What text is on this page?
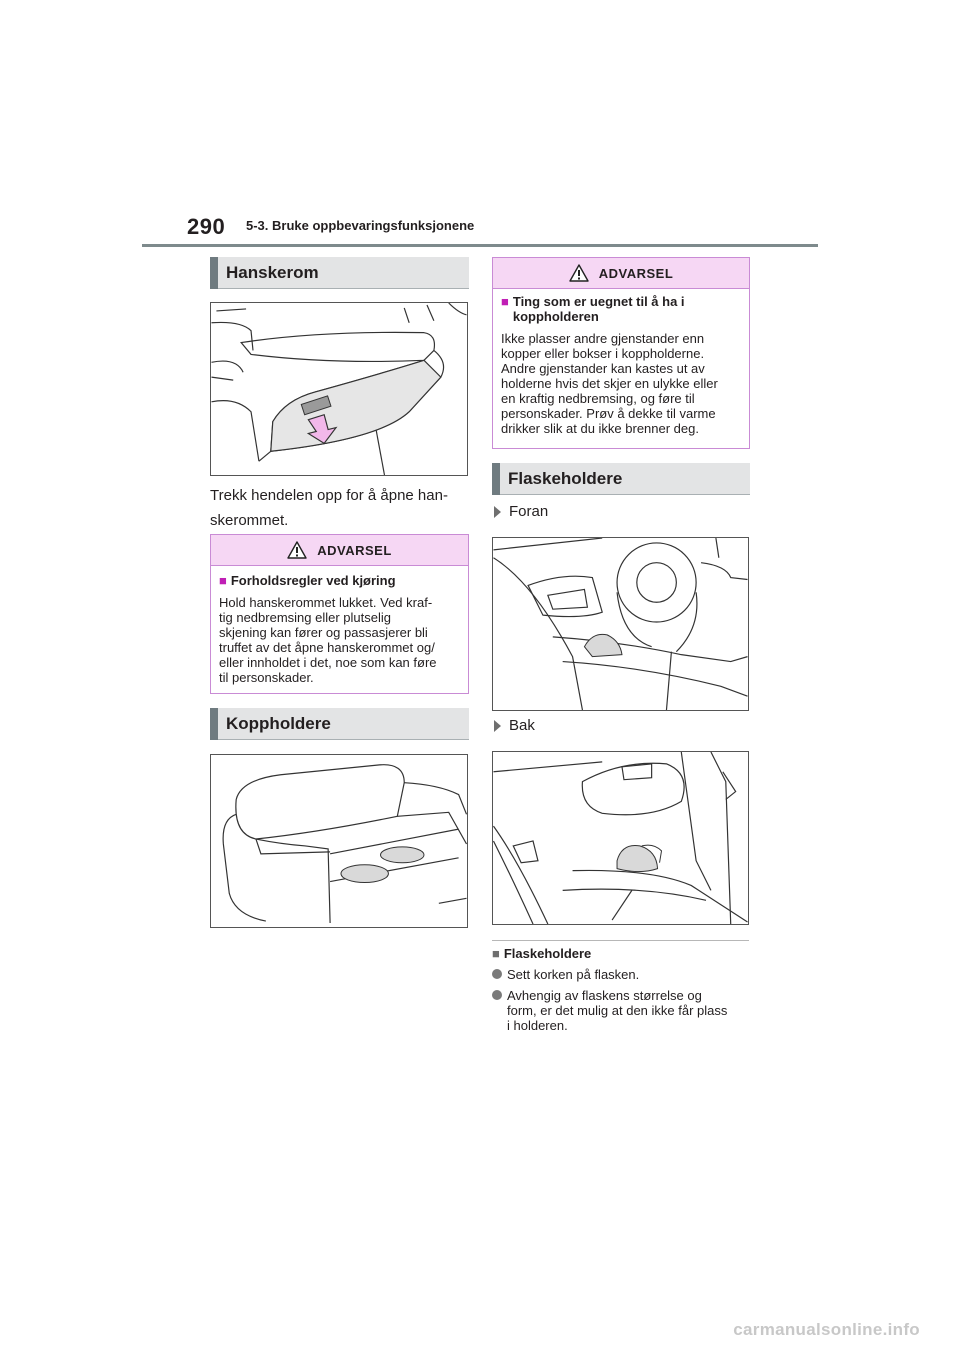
290 5-3. Bruke oppbevaringsfunksjonene
Hanskerom
Trekk hendelen opp for å åpne han-
skerommet.
ADVARSEL
■ Forholdsregler ved kjøring
Hold hanskerommet lukket. Ved kraf-
tig nedbremsing eller plutselig
skjening kan fører og passasjerer bli
truffet av det åpne hanskerommet og/
eller innholdet i det, noe som kan føre
til personskader.
Koppholdere
ADVARSEL
■ Ting som er uegnet til å ha i
koppholderen
Ikke plasser andre gjenstander enn
kopper eller bokser i koppholderne.
Andre gjenstander kan kastes ut av
holderne hvis det skjer en ulykke eller
en kraftig nedbremsing, og føre til
personskader. Prøv å dekke til varme
drikker slik at du ikke brenner deg.
Flaskeholdere
Foran
Bak
■ Flaskeholdere
Sett korken på flasken.
Avhengig av flaskens størrelse og
form, er det mulig at den ikke får plass
i holderen.
carmanualsonline.info
